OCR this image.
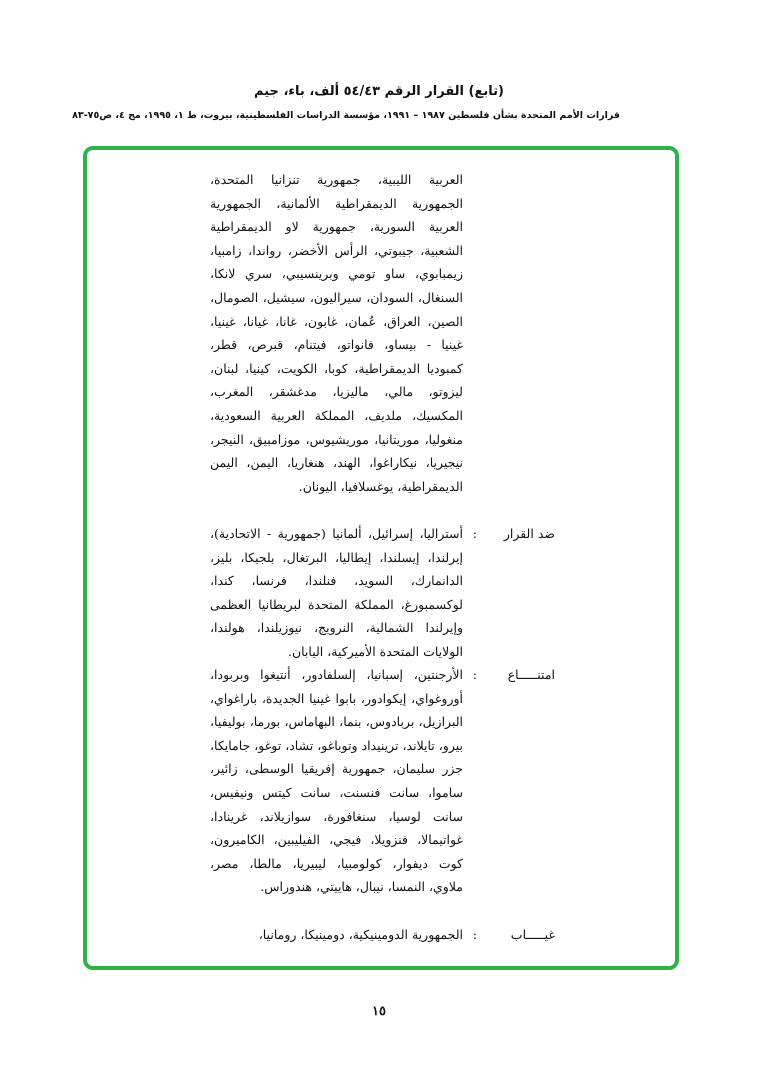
(تابع) القرار الرقم ٥٤/٤٣ ألف، باء، جيم
قرارات الأمم المتحدة بشأن فلسطين ١٩٨٧ – ١٩٩١، مؤسسة الدراسات الفلسطينية، بيروت، ط ١، ١٩٩٥، مج ٤، ص٧٥-٨٣
العربية الليبية، جمهورية تنزانيا المتحدة، الجمهورية الديمقراطية الألمانية، الجمهورية العربية السورية، جمهورية لاو الديمقراطية الشعبية، جيبوتي، الرأس الأخضر، رواندا، زامبيا، زيمبابوي، ساو تومي وبرينسيبي، سري لانكا، السنغال، السودان، سيراليون، سيشيل، الصومال، الصين، العراق، عُمان، غابون، غانا، غيانا، غينيا، غينيا - بيساو، فانواتو، فيتنام، قبرص، قطر، كمبوديا الديمقراطية، كوبا، الكويت، كينيا، لبنان، ليزوتو، مالي، ماليزيا، مدغشقر، المغرب، المكسيك، ملديف، المملكة العربية السعودية، منغوليا، موريتانيا، موريشيوس، موزامبيق، النيجر، نيجيريا، نيكاراغوا، الهند، هنغاريا، اليمن، اليمن الديمقراطية، يوغسلافيا، اليونان.
ضد القرار
:
أستراليا، إسرائيل، ألمانيا (جمهورية - الاتحادية)، إيرلندا، إيسلندا، إيطاليا، البرتغال، بلجيكا، بليز، الدانمارك، السويد، فنلندا، فرنسا، كندا، لوكسمبورغ، المملكة المتحدة لبريطانيا العظمى وإيرلندا الشمالية، النرويج، نيوزيلندا، هولندا، الولايات المتحدة الأميركية، اليابان.
امتنـــــاع
:
الأرجنتين، إسبانيا، إلسلفادور، أنتيغوا وبربودا، أوروغواي، إيكوادور، بابوا غينيا الجديدة، باراغواي، البرازيل، بربادوس، بنما، البهاماس، بورما، بوليفيا، بيرو، تايلاند، ترينيداد وتوباغو، تشاد، توغو، جامايكا، جزر سليمان، جمهورية إفريقيا الوسطى، زائير، ساموا، سانت فنسنت، سانت كيتس ونيفيس، سانت لوسيا، سنغافورة، سوازيلاند، غرينادا، غواتيمالا، فنزويلا، فيجي، الفيليبين، الكاميرون، كوت ديفوار، كولومبيا، ليبيريا، مالطا، مصر، ملاوي، النمسا، نيبال، هاييتي، هندوراس.
غيـــــاب
:
الجمهورية الدومينيكية، دومينيكا، رومانيا،
١٥
